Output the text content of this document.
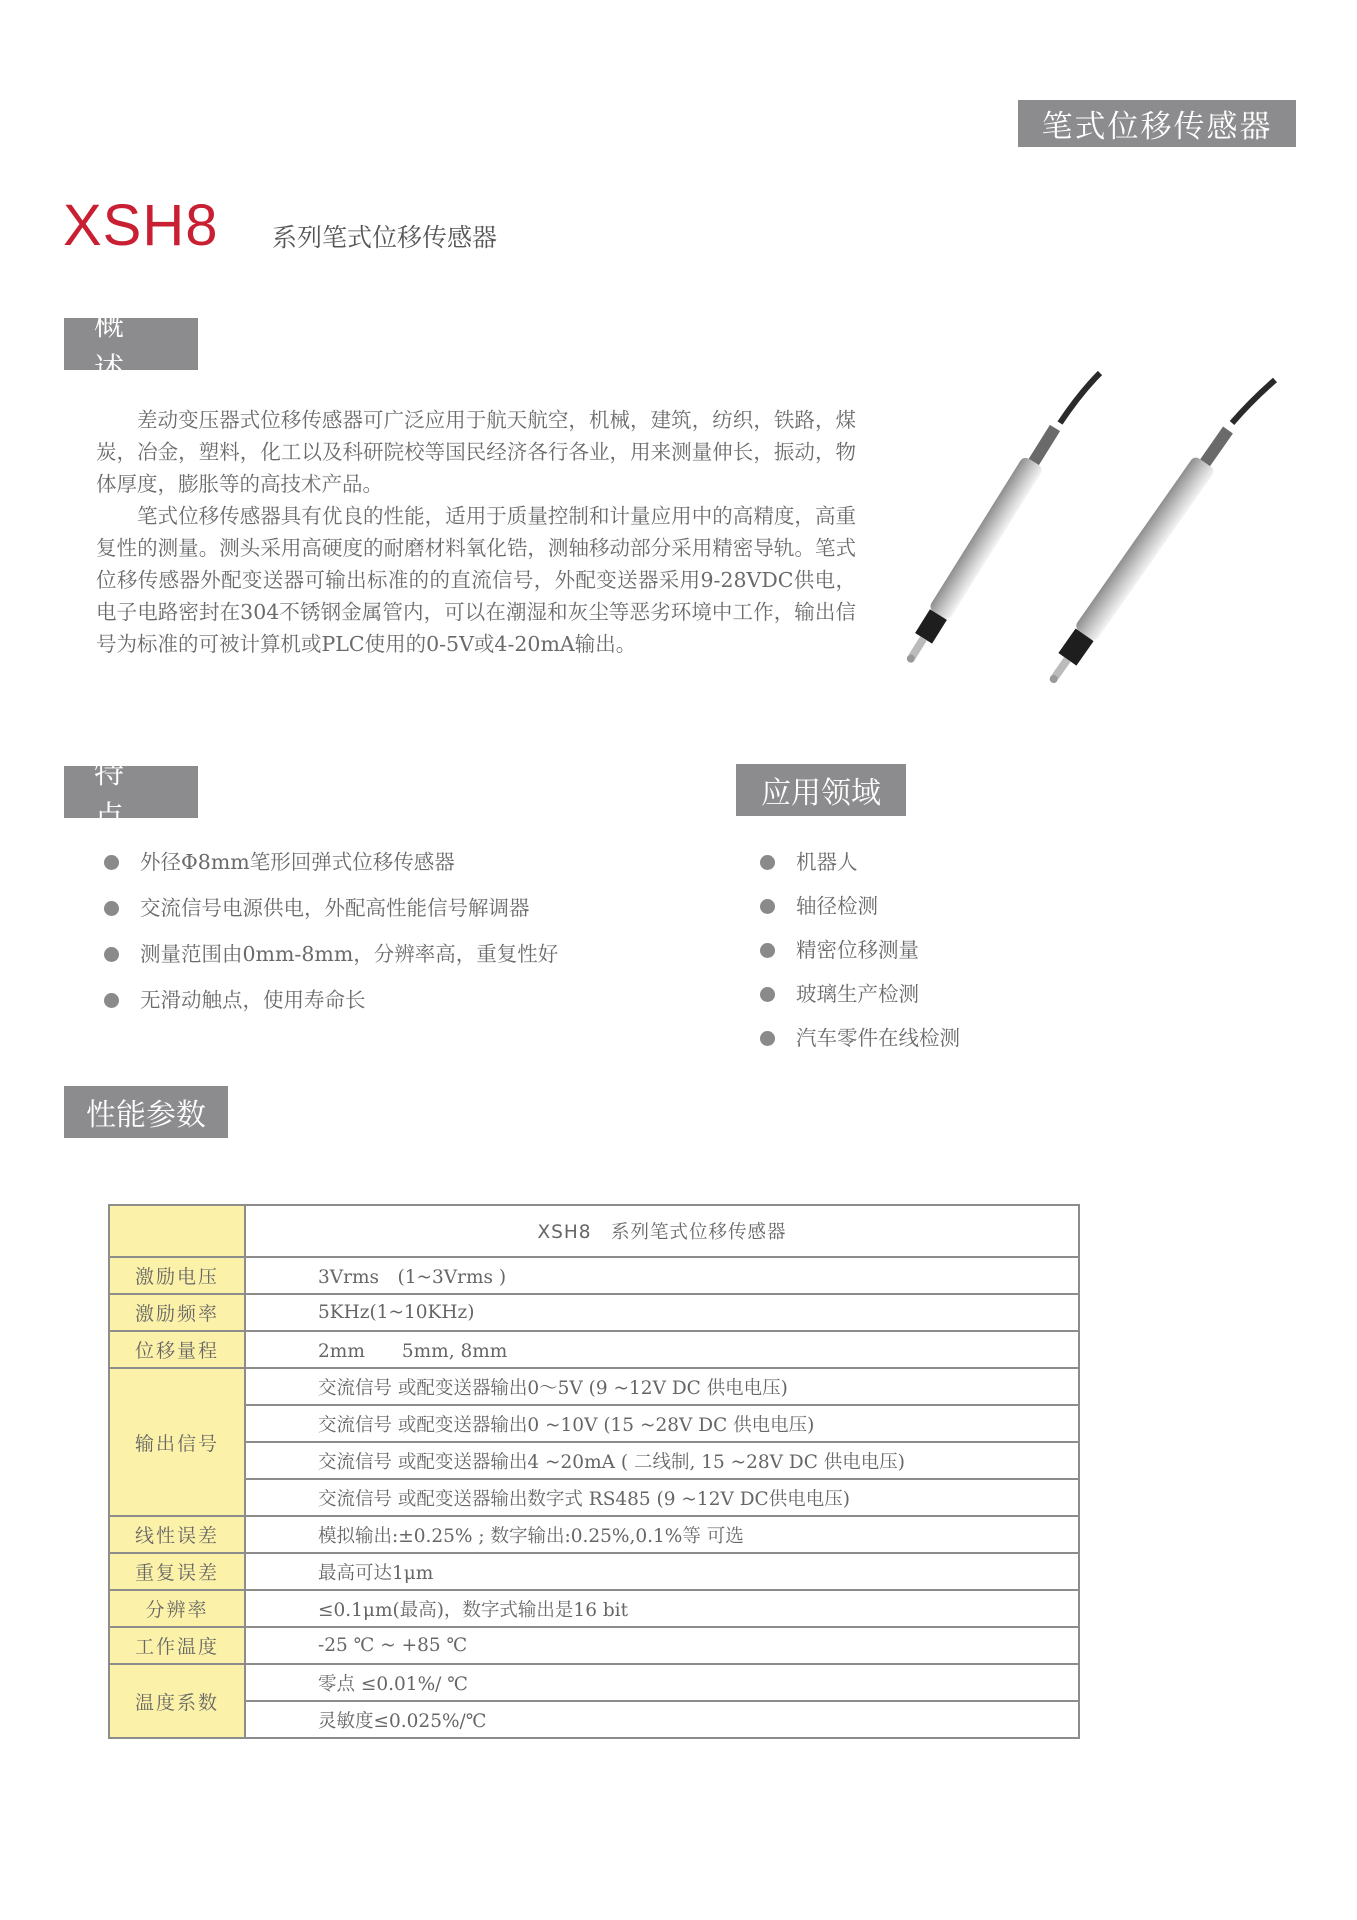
笔式位移传感器
XSH8 系列笔式位移传感器
概述

差动变压器式位移传感器可广泛应用于航天航空，机械，建筑，纺织，铁路，煤炭，冶金，塑料，化工以及科研院校等国民经济各行各业，用来测量伸长，振动，物体厚度，膨胀等的高技术产品。

笔式位移传感器具有优良的性能，适用于质量控制和计量应用中的高精度，高重复性的测量。测头采用高硬度的耐磨材料氧化锆，测轴移动部分采用精密导轨。笔式位移传感器外配变送器可输出标准的的直流信号，外配变送器采用9-28VDC供电，电子电路密封在304不锈钢金属管内，可以在潮湿和灰尘等恶劣环境中工作，输出信号为标准的可被计算机或PLC使用的0-5V或4-20mA输出。

特点
应用领域
外径Φ8mm笔形回弹式位移传感器
交流信号电源供电，外配高性能信号解调器
测量范围由0mm-8mm，分辨率高，重复性好
无滑动触点，使用寿命长
机器人
轴径检测
精密位移测量
玻璃生产检测
汽车零件在线检测
性能参数
	XSH8　系列笔式位移传感器
激励电压	3Vrms　(1~3Vrms )
激励频率	5KHz(1~10KHz)
位移量程	2mm　　5mm, 8mm
输出信号	交流信号 或配变送器输出0～5V (9 ~12V DC 供电电压)
	交流信号 或配变送器输出0 ~10V (15 ~28V DC 供电电压)
	交流信号 或配变送器输出4 ~20mA ( 二线制, 15 ~28V DC 供电电压)
	交流信号 或配变送器输出数字式 RS485 (9 ~12V DC供电电压)
线性误差	模拟输出:±0.25% ; 数字输出:0.25%,0.1%等 可选
重复误差	最高可达1μm
分辨率	≤0.1μm(最高)，数字式输出是16 bit
工作温度	-25 ℃ ~ +85 ℃
温度系数	零点 ≤0.01%/ ℃
	灵敏度≤0.025%/℃
